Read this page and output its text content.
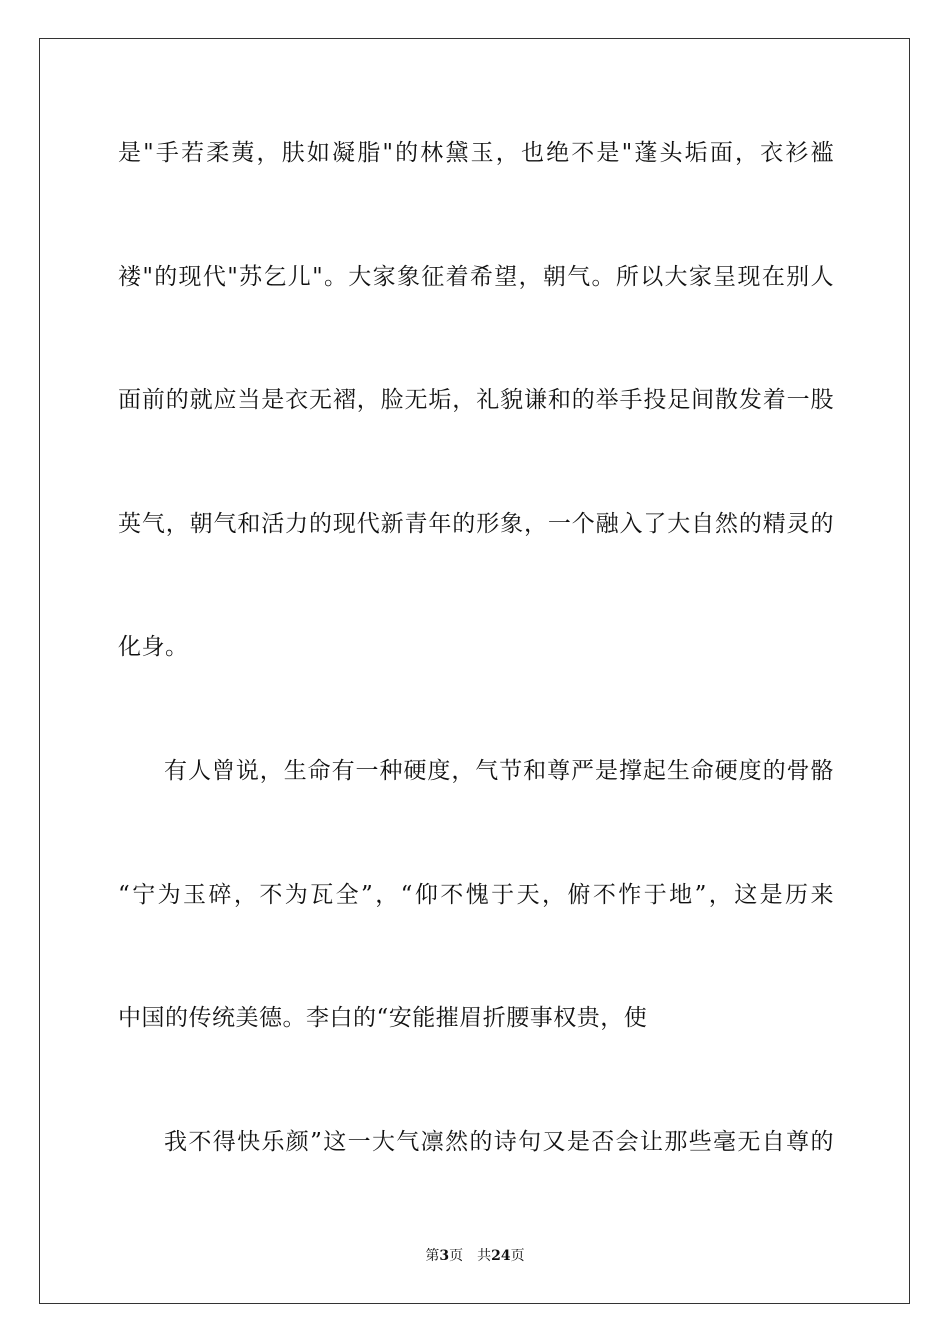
是"手若柔荑，肤如凝脂"的林黛玉，也绝不是"蓬头垢面，衣衫褴
褛"的现代"苏乞儿"。大家象征着希望，朝气。所以大家呈现在别人
面前的就应当是衣无褶，脸无垢，礼貌谦和的举手投足间散发着一股
英气，朝气和活力的现代新青年的形象，一个融入了大自然的精灵的
化身。
有人曾说，生命有一种硬度，气节和尊严是撑起生命硬度的骨骼
“宁为玉碎，不为瓦全”，“仰不愧于天，俯不怍于地”，这是历来
中国的传统美德。李白的“安能摧眉折腰事权贵，使
我不得快乐颜”这一大气凛然的诗句又是否会让那些毫无自尊的
第3页 共24页
